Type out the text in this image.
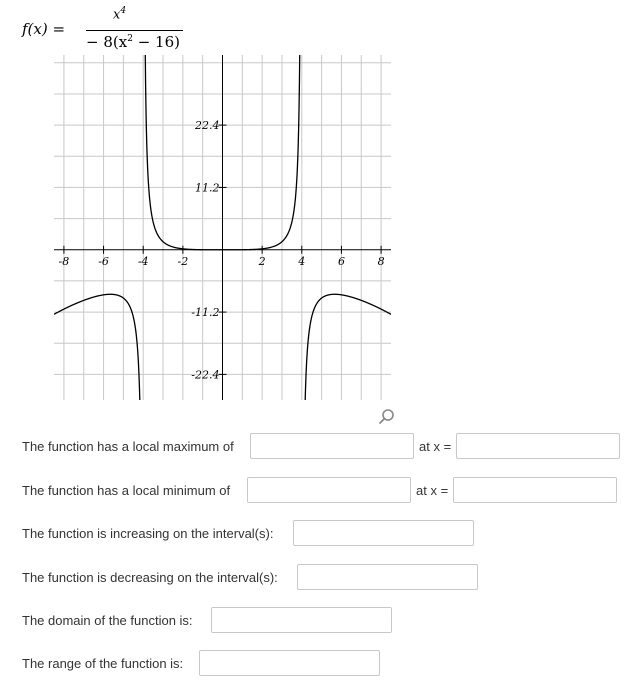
f(x) =
$x^4$
− $8(x^2 - 16)$
-8	-6	-4	-2	2	4	6	8
22.4
11.2
-11.2
-22.4
The function has a local maximum of	at x =
The function has a local minimum of	at x =
The function is increasing on the interval(s):
The function is decreasing on the interval(s):
The domain of the function is:
The range of the function is:
